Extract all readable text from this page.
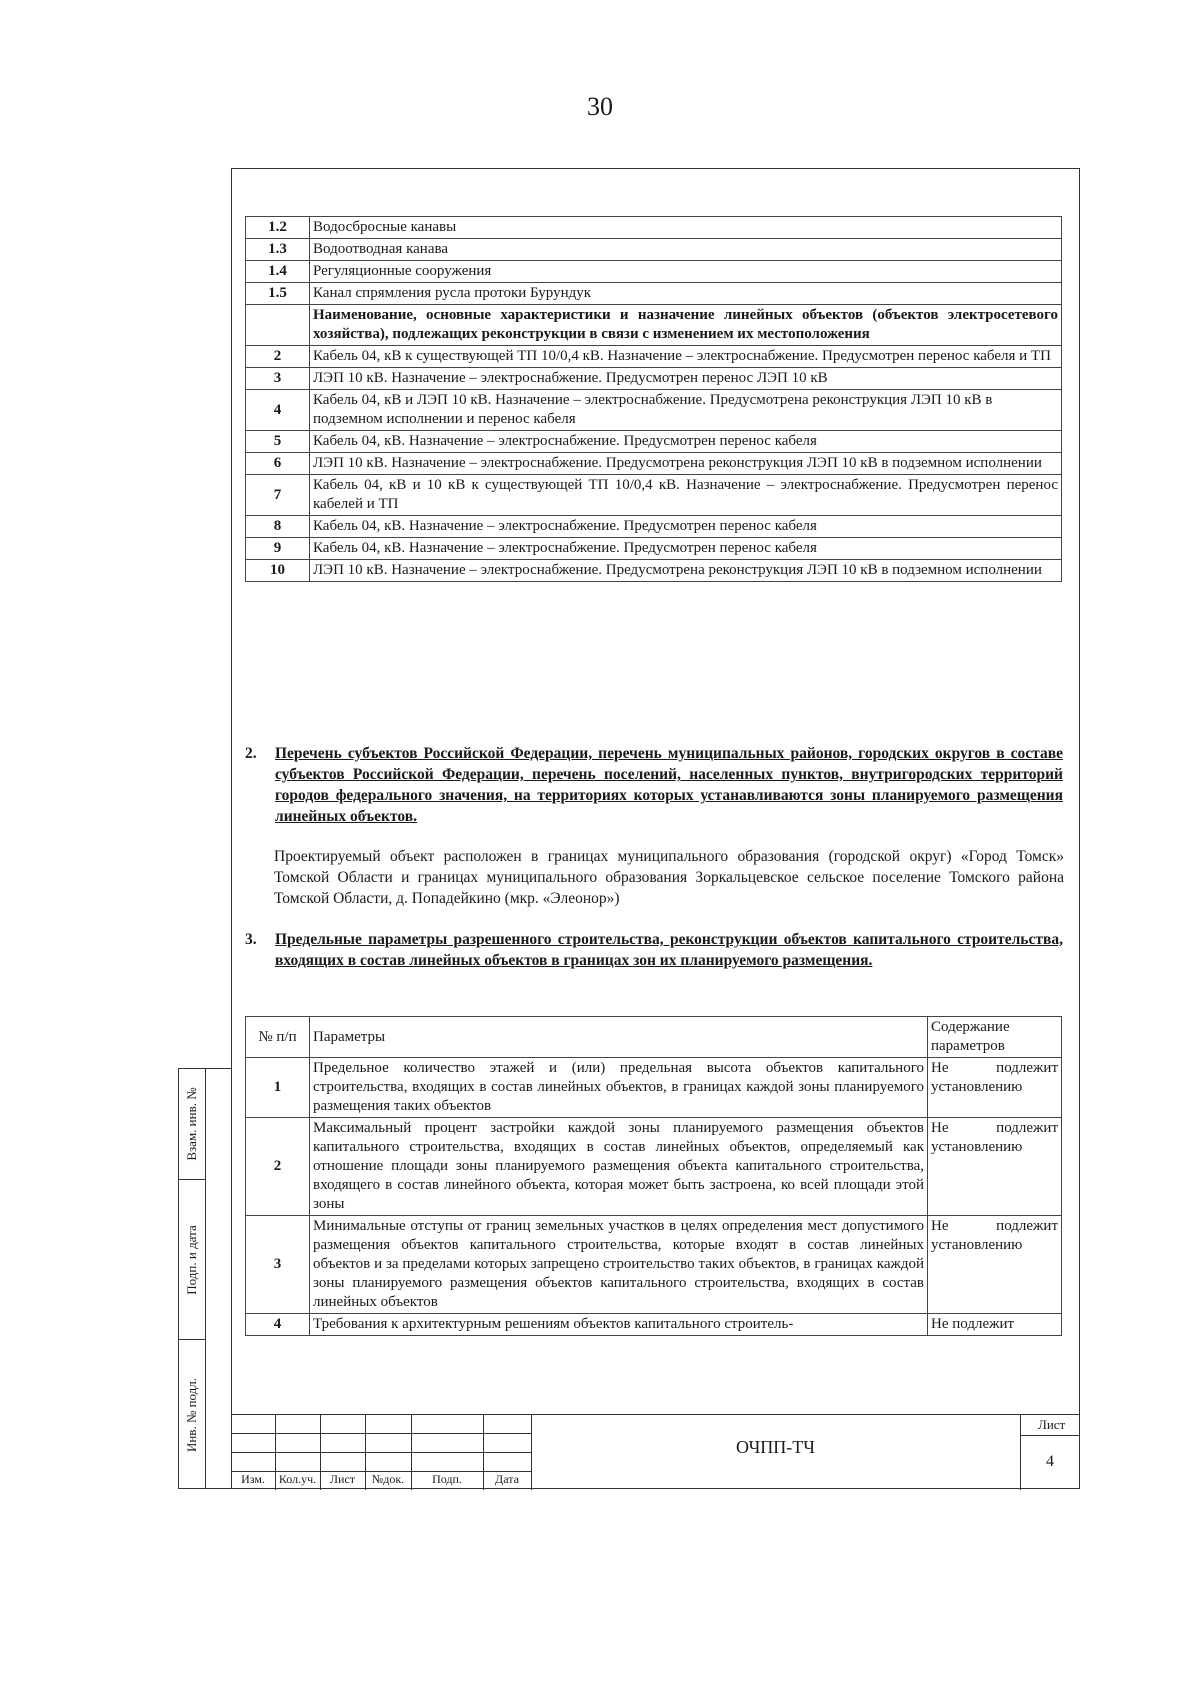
30
Взам. инв. №
Подп. и дата
Инв. № подл.
1.2	Водосбросные канавы
1.3	Водоотводная канава
1.4	Регуляционные сооружения
1.5	Канал спрямления русла протоки Бурундук
	Наименование, основные характеристики и назначение линейных объектов (объектов электросетевого хозяйства), подлежащих реконструкции в связи с изменением их местоположения
2	Кабель 04, кВ к существующей ТП 10/0,4 кВ. Назначение – электроснабжение. Предусмотрен перенос кабеля и ТП
3	ЛЭП 10 кВ. Назначение – электроснабжение. Предусмотрен перенос ЛЭП 10 кВ
4	Кабель 04, кВ и ЛЭП 10 кВ. Назначение – электроснабжение. Предусмотрена реконструкция ЛЭП 10 кВ в подземном исполнении и перенос кабеля
5	Кабель 04, кВ. Назначение – электроснабжение. Предусмотрен перенос кабеля
6	ЛЭП 10 кВ. Назначение – электроснабжение. Предусмотрена реконструкция ЛЭП 10 кВ в подземном исполнении
7	Кабель 04, кВ и 10 кВ к существующей ТП 10/0,4 кВ. Назначение – электроснабжение. Предусмотрен перенос кабелей и ТП
8	Кабель 04, кВ. Назначение – электроснабжение. Предусмотрен перенос кабеля
9	Кабель 04, кВ. Назначение – электроснабжение. Предусмотрен перенос кабеля
10	ЛЭП 10 кВ. Назначение – электроснабжение. Предусмотрена реконструкция ЛЭП 10 кВ в подземном исполнении
2. Перечень субъектов Российской Федерации, перечень муниципальных районов, городских округов в составе субъектов Российской Федерации, перечень поселений, населенных пунктов, внутригородских территорий городов федерального значения, на территориях которых устанавливаются зоны планируемого размещения линейных объектов.
Проектируемый объект расположен в границах муниципального образования (городской округ) «Город Томск» Томской Области и границах муниципального образования Зоркальцевское сельское поселение Томского района Томской Области, д. Попадейкино (мкр. «Элеонор»)
3. Предельные параметры разрешенного строительства, реконструкции объектов капитального строительства, входящих в состав линейных объектов в границах зон их планируемого размещения.
№ п/п	Параметры	Содержание параметров
1	Предельное количество этажей и (или) предельная высота объектов капитального строительства, входящих в состав линейных объектов, в границах каждой зоны планируемого размещения таких объектов	Не подлежит установлению
2	Максимальный процент застройки каждой зоны планируемого размещения объектов капитального строительства, входящих в состав линейных объектов, определяемый как отношение площади зоны планируемого размещения объекта капитального строительства, входящего в состав линейного объекта, которая может быть застроена, ко всей площади этой зоны	Не подлежит установлению
3	Минимальные отступы от границ земельных участков в целях определения мест допустимого размещения объектов капитального строительства, которые входят в состав линейных объектов и за пределами которых запрещено строительство таких объектов, в границах каждой зоны планируемого размещения объектов капитального строительства, входящих в состав линейных объектов	Не подлежит установлению
4	Требования к архитектурным решениям объектов капитального строитель-	Не подлежит
Изм.	Кол.уч.	Лист	№док.	Подп.	Дата
ОЧПП-ТЧ
Лист
4
